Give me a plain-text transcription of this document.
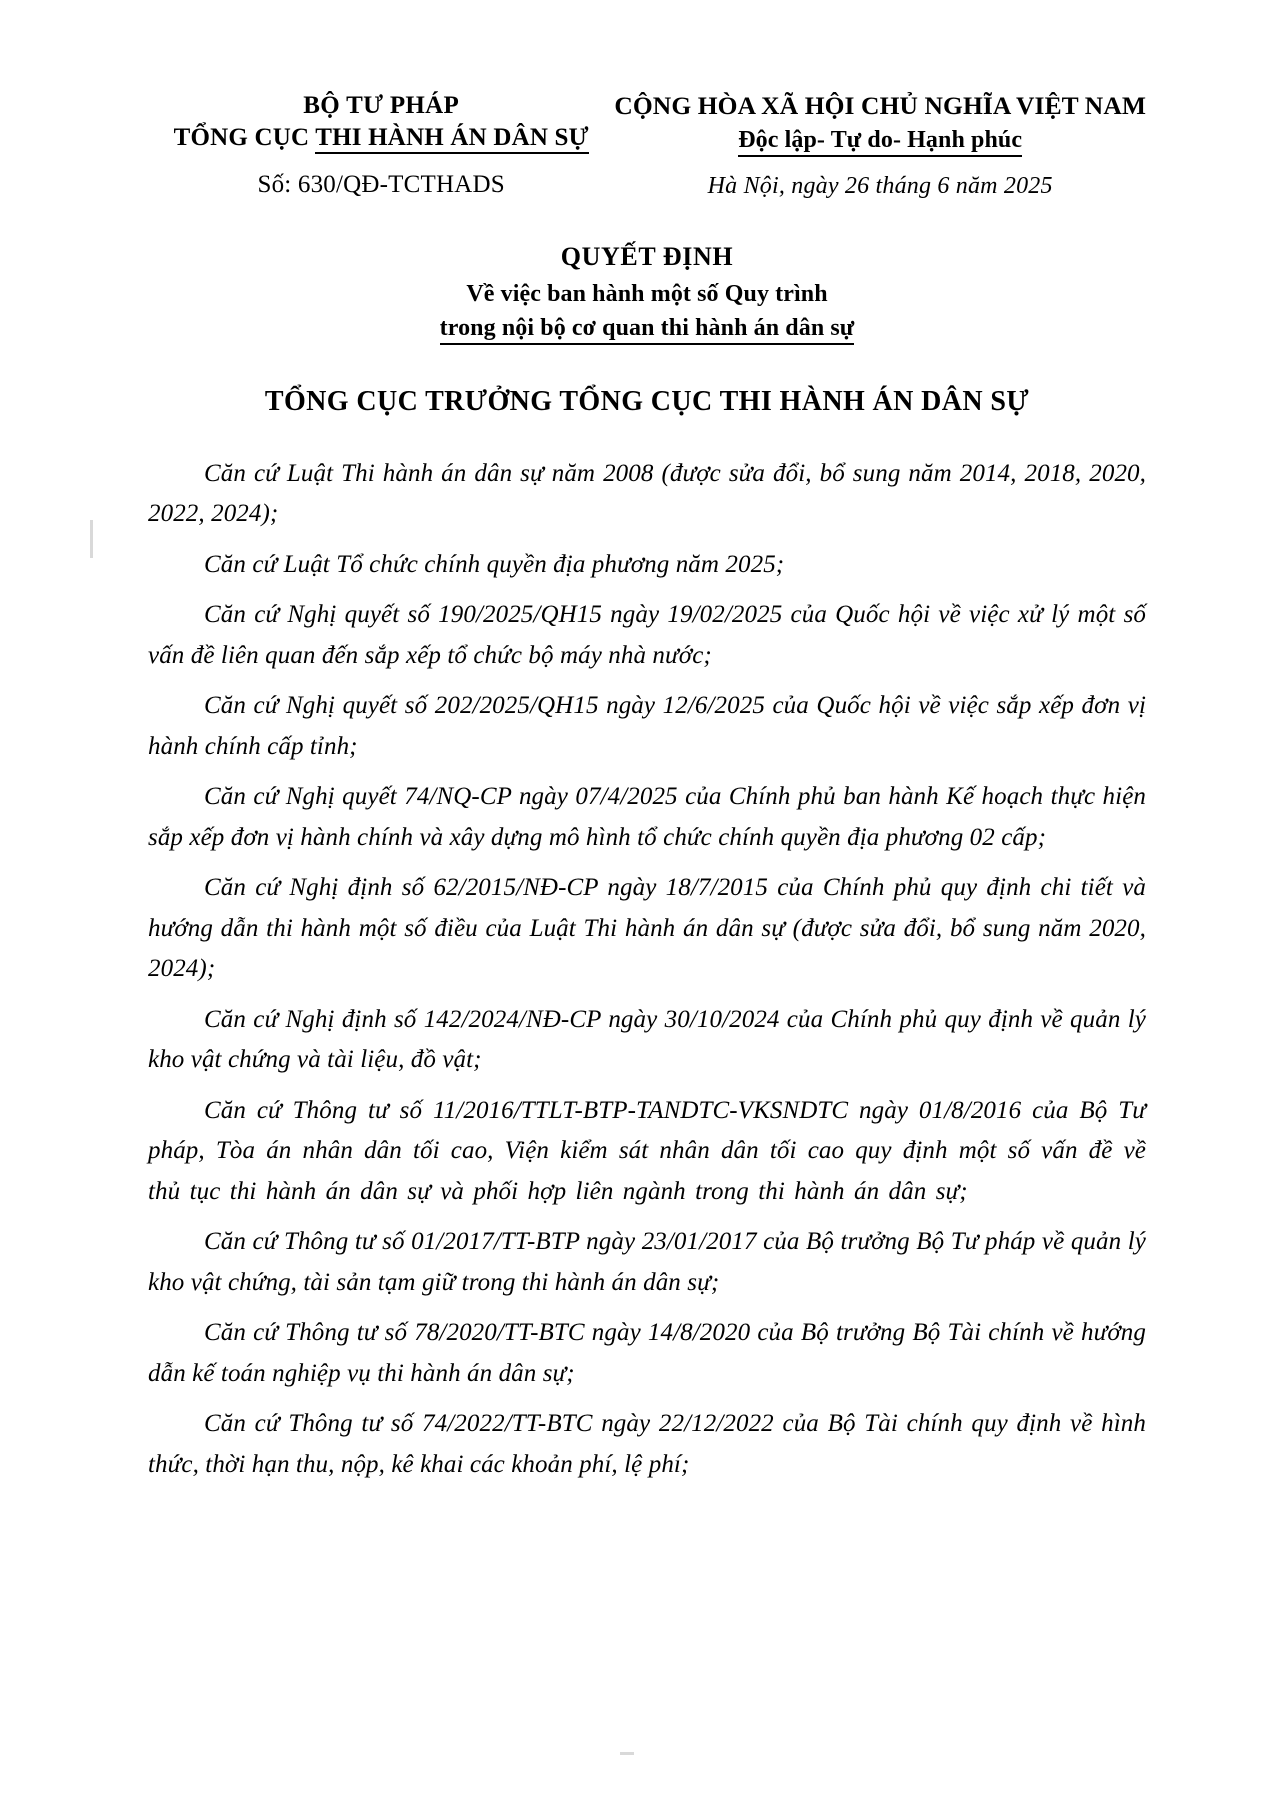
BỘ TƯ PHÁP
TỔNG CỤC THI HÀNH ÁN DÂN SỰ
Số: 630/QĐ-TCTHADS
CỘNG HÒA XÃ HỘI CHỦ NGHĨA VIỆT NAM
Độc lập- Tự do- Hạnh phúc
Hà Nội, ngày 26 tháng 6 năm 2025
QUYẾT ĐỊNH
Về việc ban hành một số Quy trình
trong nội bộ cơ quan thi hành án dân sự
TỔNG CỤC TRƯỞNG TỔNG CỤC THI HÀNH ÁN DÂN SỰ

Căn cứ Luật Thi hành án dân sự năm 2008 (được sửa đổi, bổ sung năm 2014, 2018, 2020, 2022, 2024);

Căn cứ Luật Tổ chức chính quyền địa phương năm 2025;

Căn cứ Nghị quyết số 190/2025/QH15 ngày 19/02/2025 của Quốc hội về việc xử lý một số vấn đề liên quan đến sắp xếp tổ chức bộ máy nhà nước;

Căn cứ Nghị quyết số 202/2025/QH15 ngày 12/6/2025 của Quốc hội về việc sắp xếp đơn vị hành chính cấp tỉnh;

Căn cứ Nghị quyết 74/NQ-CP ngày 07/4/2025 của Chính phủ ban hành Kế hoạch thực hiện sắp xếp đơn vị hành chính và xây dựng mô hình tổ chức chính quyền địa phương 02 cấp;

Căn cứ Nghị định số 62/2015/NĐ-CP ngày 18/7/2015 của Chính phủ quy định chi tiết và hướng dẫn thi hành một số điều của Luật Thi hành án dân sự (được sửa đổi, bổ sung năm 2020, 2024);

Căn cứ Nghị định số 142/2024/NĐ-CP ngày 30/10/2024 của Chính phủ quy định về quản lý kho vật chứng và tài liệu, đồ vật;

Căn cứ Thông tư số 11/2016/TTLT-BTP-TANDTC-VKSNDTC ngày 01/8/2016 của Bộ Tư pháp, Tòa án nhân dân tối cao, Viện kiểm sát nhân dân tối cao quy định một số vấn đề về thủ tục thi hành án dân sự và phối hợp liên ngành trong thi hành án dân sự;

Căn cứ Thông tư số 01/2017/TT-BTP ngày 23/01/2017 của Bộ trưởng Bộ Tư pháp về quản lý kho vật chứng, tài sản tạm giữ trong thi hành án dân sự;

Căn cứ Thông tư số 78/2020/TT-BTC ngày 14/8/2020 của Bộ trưởng Bộ Tài chính về hướng dẫn kế toán nghiệp vụ thi hành án dân sự;

Căn cứ Thông tư số 74/2022/TT-BTC ngày 22/12/2022 của Bộ Tài chính quy định về hình thức, thời hạn thu, nộp, kê khai các khoản phí, lệ phí;
